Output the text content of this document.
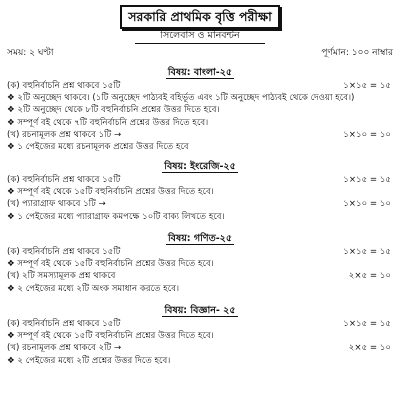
সরকারি প্রাথমিক বৃত্তি পরীক্ষা
সিলেবাস ও মানবন্টন
সময়: ২ ঘণ্টা	পূর্ণমান: ১০০ নাম্বার
বিষয়: বাংলা-২৫
(ক) বহুনির্বাচনি প্রশ্ন থাকবে ১৫টি	১×১৫ = ১৫
❖ ২টি অনুচ্ছেদ থাকবে। (১টি অনুচ্ছেদ পাঠ্যবই বহির্ভূত এবং ১টি অনুচ্ছেদ পাঠ্যবই থেকে দেওয়া হবে।)
❖ ২টি অনুচ্ছেদ থেকে ৮টি বহুনির্বাচনি প্রশ্নের উত্তর দিতে হবে।
❖ সম্পূর্ণ বই থেকে ৭টি বহুনির্বাচনি প্রশ্নের উত্তর দিতে হবে।
(খ) রচনামূলক প্রশ্ন থাকবে ১টি →	১×১০ = ১০
❖ ১ পেইজের মধ্যে রচনামূলক প্রশ্নের উত্তর দিতে হবে
বিষয়: ইংরেজি-২৫
(ক) বহুনির্বাচনি প্রশ্ন থাকবে ১৫টি	১×১৫ = ১৫
❖ সম্পূর্ণ বই থেকে ১৫টি বহুনির্বাচনি প্রশ্নের উত্তর দিতে হবে।
(খ) প্যারাগ্রাফ থাকবে ১টি →	১×১০ = ১০
❖ ১ পেইজের মধ্যে প্যারাগ্রাফ কমপক্ষে ১০টি বাক্য লিখতে হবে।
বিষয়: গণিত-২৫
(ক) বহুনির্বাচনি প্রশ্ন থাকবে ১৫টি	১×১৫ = ১৫
❖ সম্পূর্ণ বই থেকে ১৫টি বহুনির্বাচনি প্রশ্নের উত্তর দিতে হবে।
(খ) ২টি সমস্যামূলক প্রশ্ন থাকবে	২×৫ = ১০
❖ ২ পেইজের মধ্যে ২টি অংক সমাধান করতে হবে।
বিষয়: বিজ্ঞান- ২৫
(ক) বহুনির্বাচনি প্রশ্ন থাকবে ১৫টি	১×১৫ = ১৫
❖ সম্পূর্ণ বই থেকে ১৫টি বহুনির্বাচনি প্রশ্নের উত্তর দিতে হবে।
(খ) রচনামূলক প্রশ্ন থাকবে ২টি →	২×৫ = ১০
❖ ২ পেইজের মধ্যে ২টি প্রশ্নের উত্তর দিতে হবে।
